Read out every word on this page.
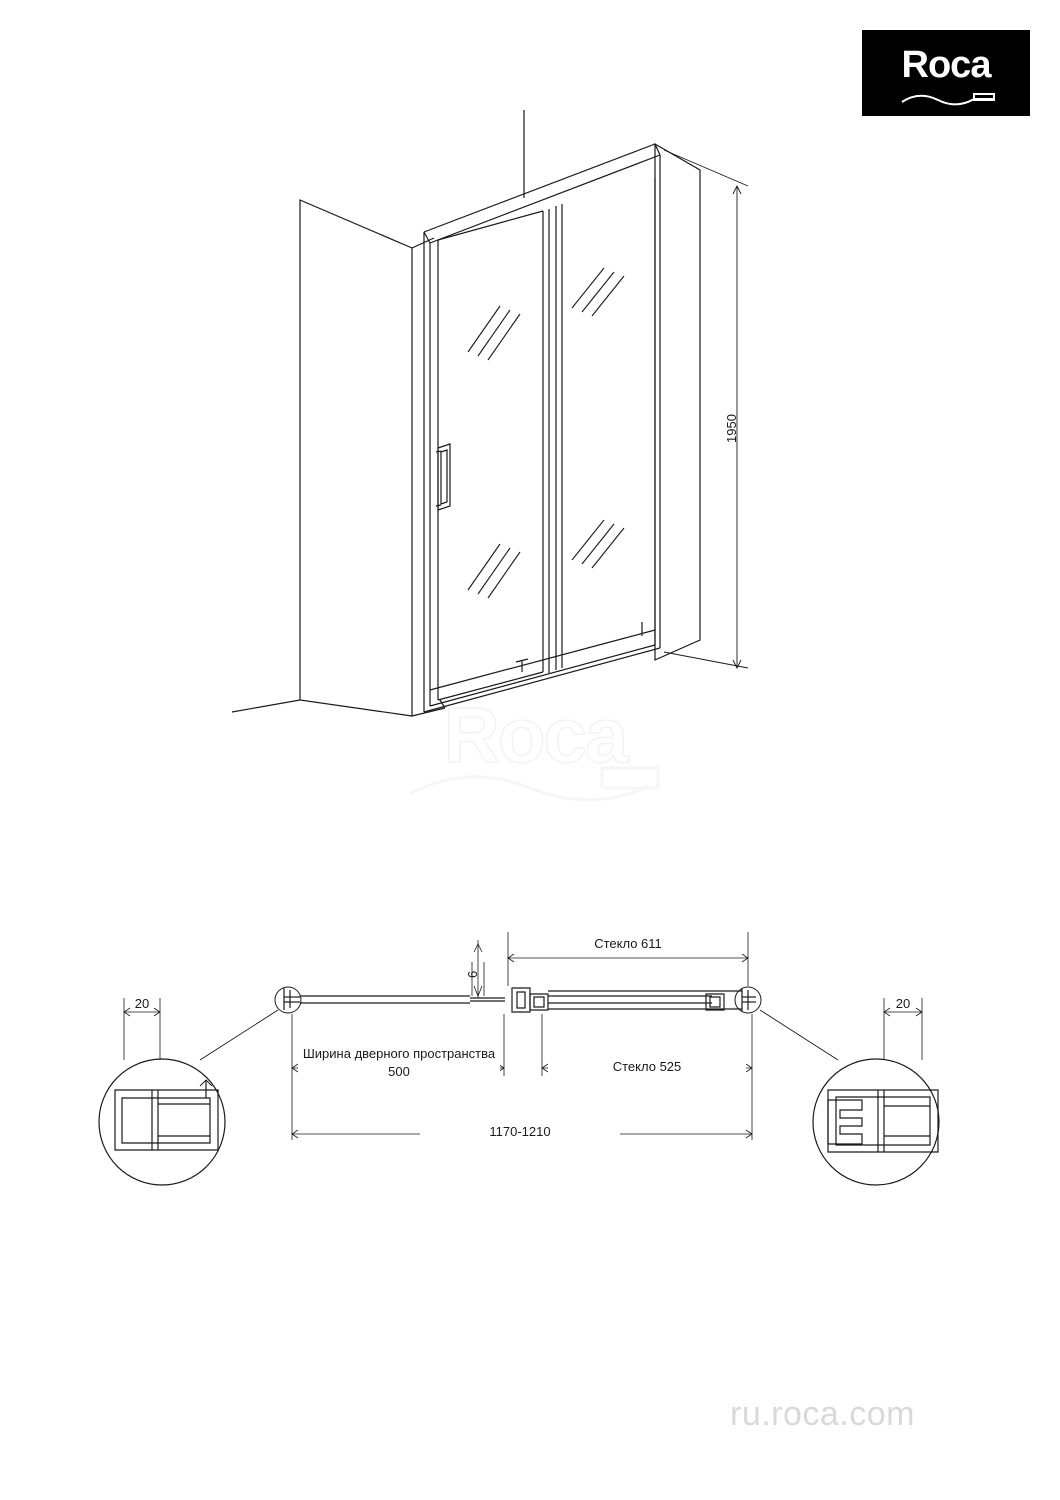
Roca
Roca
ru.roca.com
1950
Стекло 611
6
Ширина дверного пространства
500	Стекло 525
1170-1210
20	20
